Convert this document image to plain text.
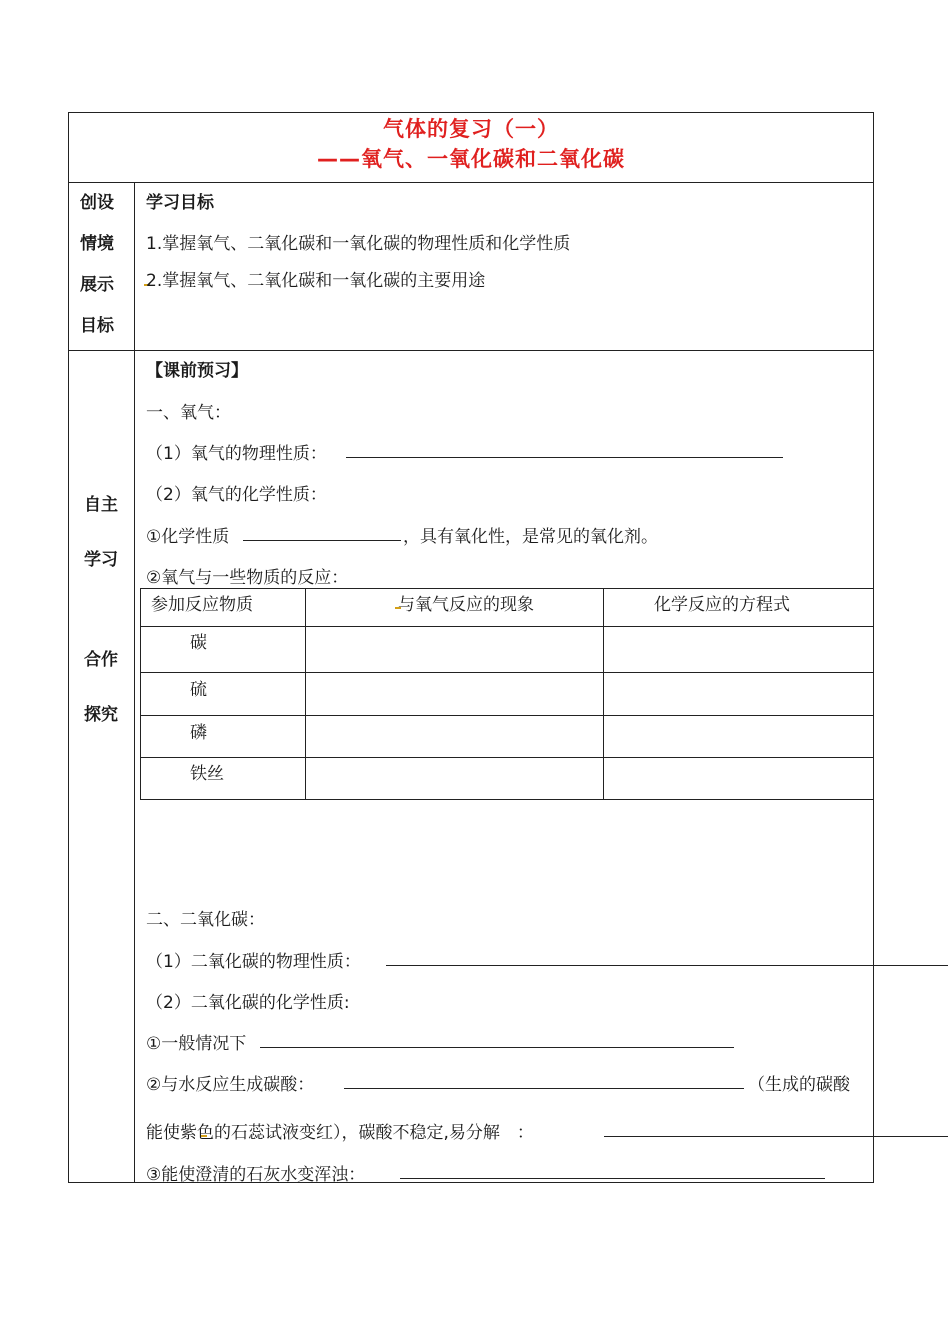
气体的复习（一）
——氧气、一氧化碳和二氧化碳
创设
情境
展示
目标
学习目标
1.掌握氧气、二氧化碳和一氧化碳的物理性质和化学性质
2.掌握氧气、二氧化碳和一氧化碳的主要用途
自主
学习
合作
探究
【课前预习】
一、氧气：
（1）氧气的物理性质：
（2）氧气的化学性质：
①化学性质	，具有氧化性，是常见的氧化剂。
②氧气与一些物质的反应：
参加反应物质	与氧气反应的现象	化学反应的方程式
碳
硫
磷
铁丝
二、二氧化碳：
（1）二氧化碳的物理性质：
（2）二氧化碳的化学性质:
①一般情况下
②与水反应生成碳酸：	（生成的碳酸
能使紫色的石蕊试液变红），碳酸不稳定,易分解　：
③能使澄清的石灰水变浑浊：
